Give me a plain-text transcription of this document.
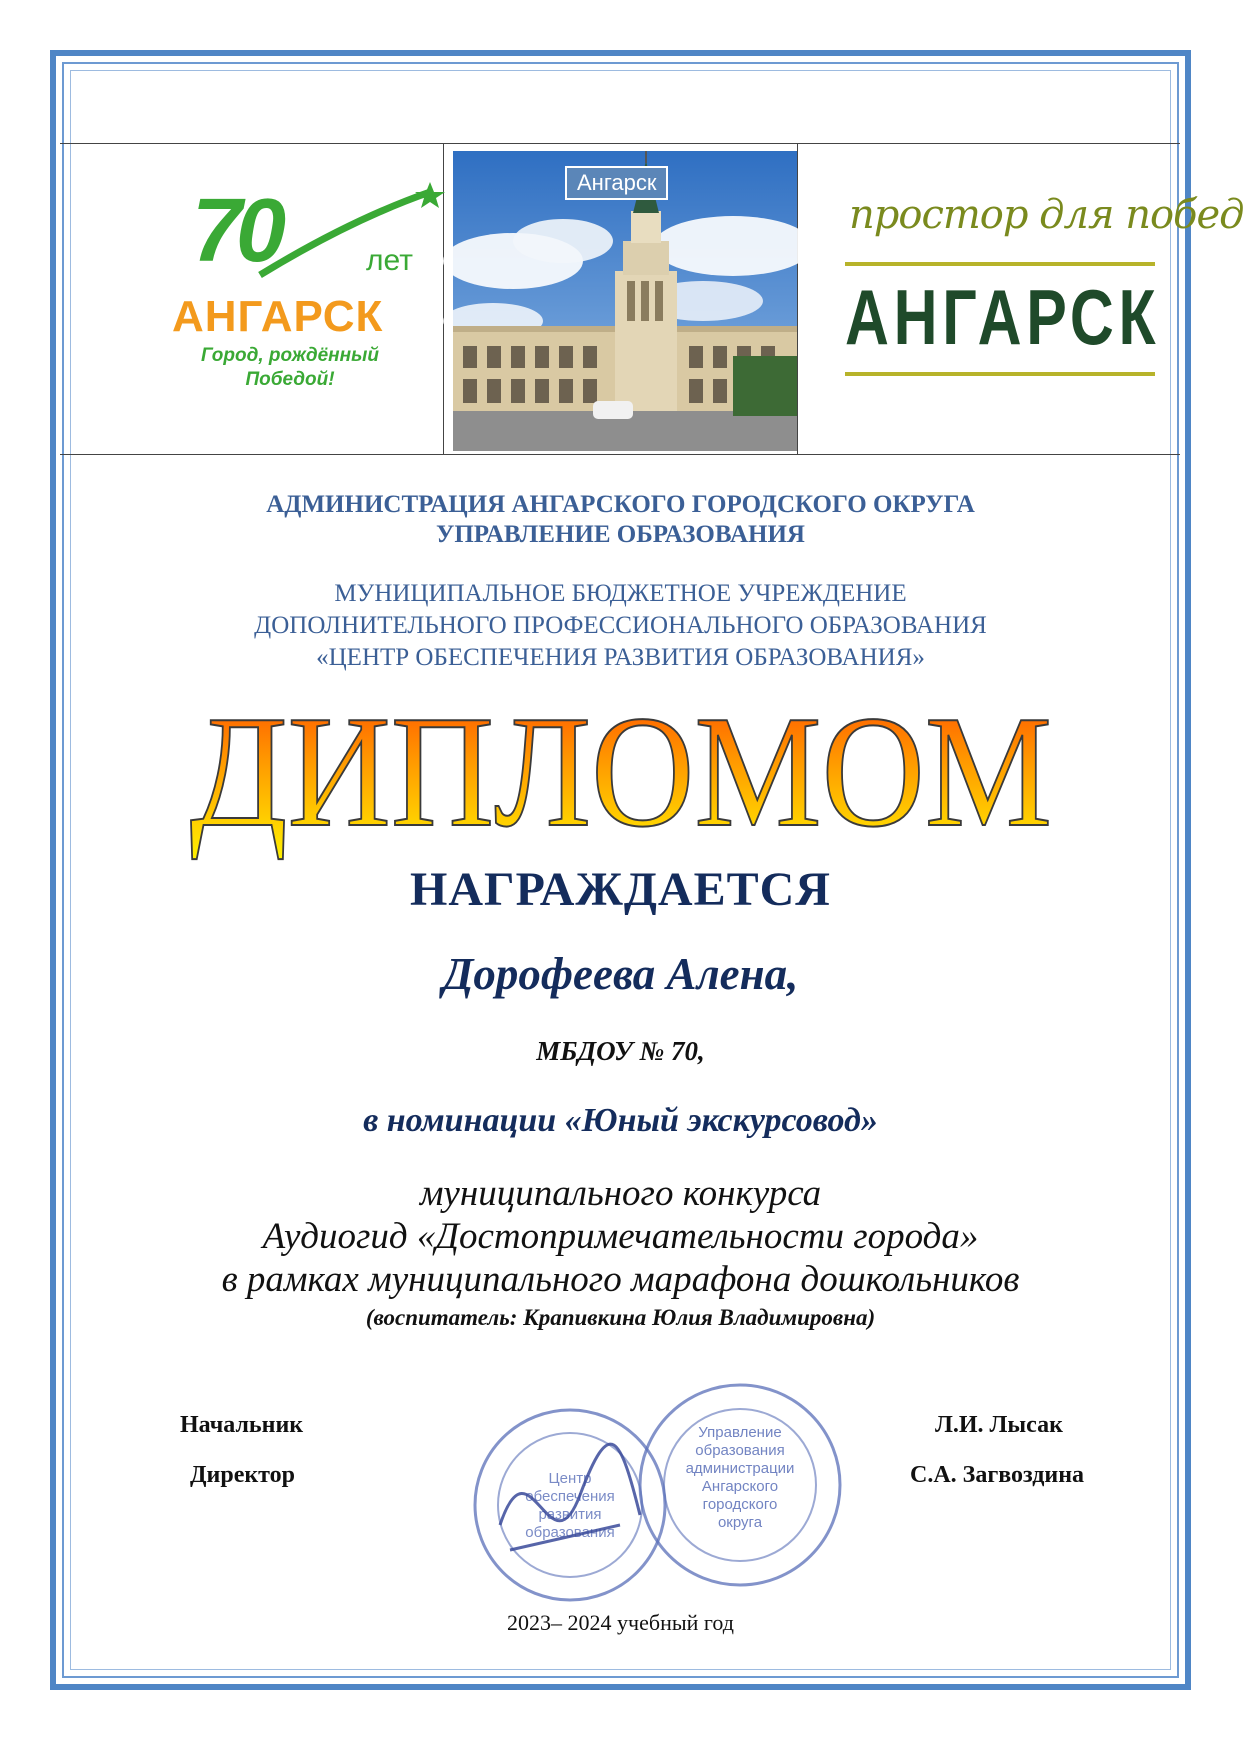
70	лет
АНГАРСК
Город, рождённый
Победой!
Ангарск
простор для побед
АНГАРСК
АДМИНИСТРАЦИЯ АНГАРСКОГО ГОРОДСКОГО ОКРУГА
УПРАВЛЕНИЕ ОБРАЗОВАНИЯ
МУНИЦИПАЛЬНОЕ БЮДЖЕТНОЕ УЧРЕЖДЕНИЕ
ДОПОЛНИТЕЛЬНОГО ПРОФЕССИОНАЛЬНОГО ОБРАЗОВАНИЯ
«ЦЕНТР ОБЕСПЕЧЕНИЯ РАЗВИТИЯ ОБРАЗОВАНИЯ»
ДИПЛОМОМ
НАГРАЖДАЕТСЯ
Дорофеева Алена,
МБДОУ № 70,
в номинации «Юный экскурсовод»
муниципального конкурса
Аудиогид «Достопримечательности города»
в рамках муниципального марафона дошкольников
(воспитатель: Крапивкина Юлия Владимировна)
Начальник
Директор
Л.И. Лысак
С.А. Загвоздина
Центр
обеспечения
развития
образования
Управление
образования
администрации
Ангарского
городского
округа
2023– 2024 учебный год
